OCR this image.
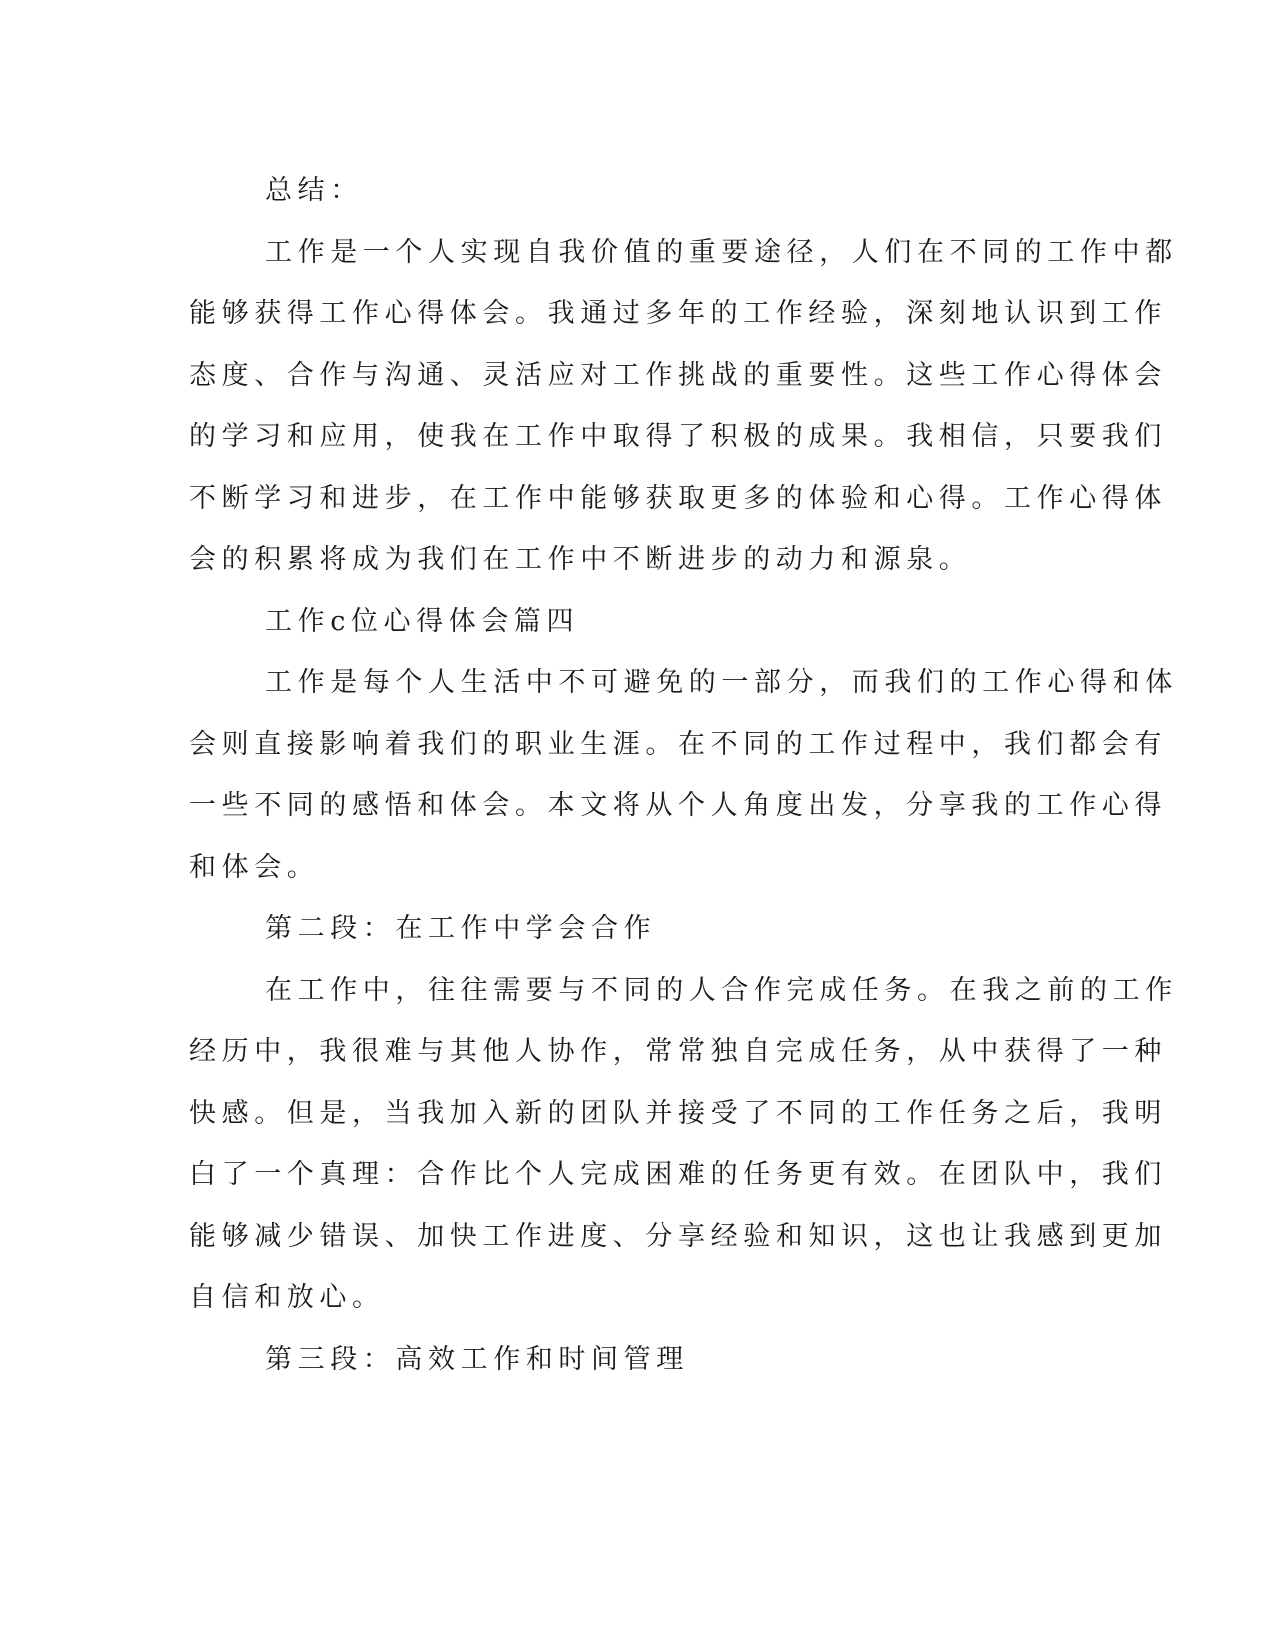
总结：
工作是一个人实现自我价值的重要途径，人们在不同的工作中都
能够获得工作心得体会。我通过多年的工作经验，深刻地认识到工作
态度、合作与沟通、灵活应对工作挑战的重要性。这些工作心得体会
的学习和应用，使我在工作中取得了积极的成果。我相信，只要我们
不断学习和进步，在工作中能够获取更多的体验和心得。工作心得体
会的积累将成为我们在工作中不断进步的动力和源泉。
工作c位心得体会篇四
工作是每个人生活中不可避免的一部分，而我们的工作心得和体
会则直接影响着我们的职业生涯。在不同的工作过程中，我们都会有
一些不同的感悟和体会。本文将从个人角度出发，分享我的工作心得
和体会。
第二段：在工作中学会合作
在工作中，往往需要与不同的人合作完成任务。在我之前的工作
经历中，我很难与其他人协作，常常独自完成任务，从中获得了一种
快感。但是，当我加入新的团队并接受了不同的工作任务之后，我明
白了一个真理：合作比个人完成困难的任务更有效。在团队中，我们
能够减少错误、加快工作进度、分享经验和知识，这也让我感到更加
自信和放心。
第三段：高效工作和时间管理
